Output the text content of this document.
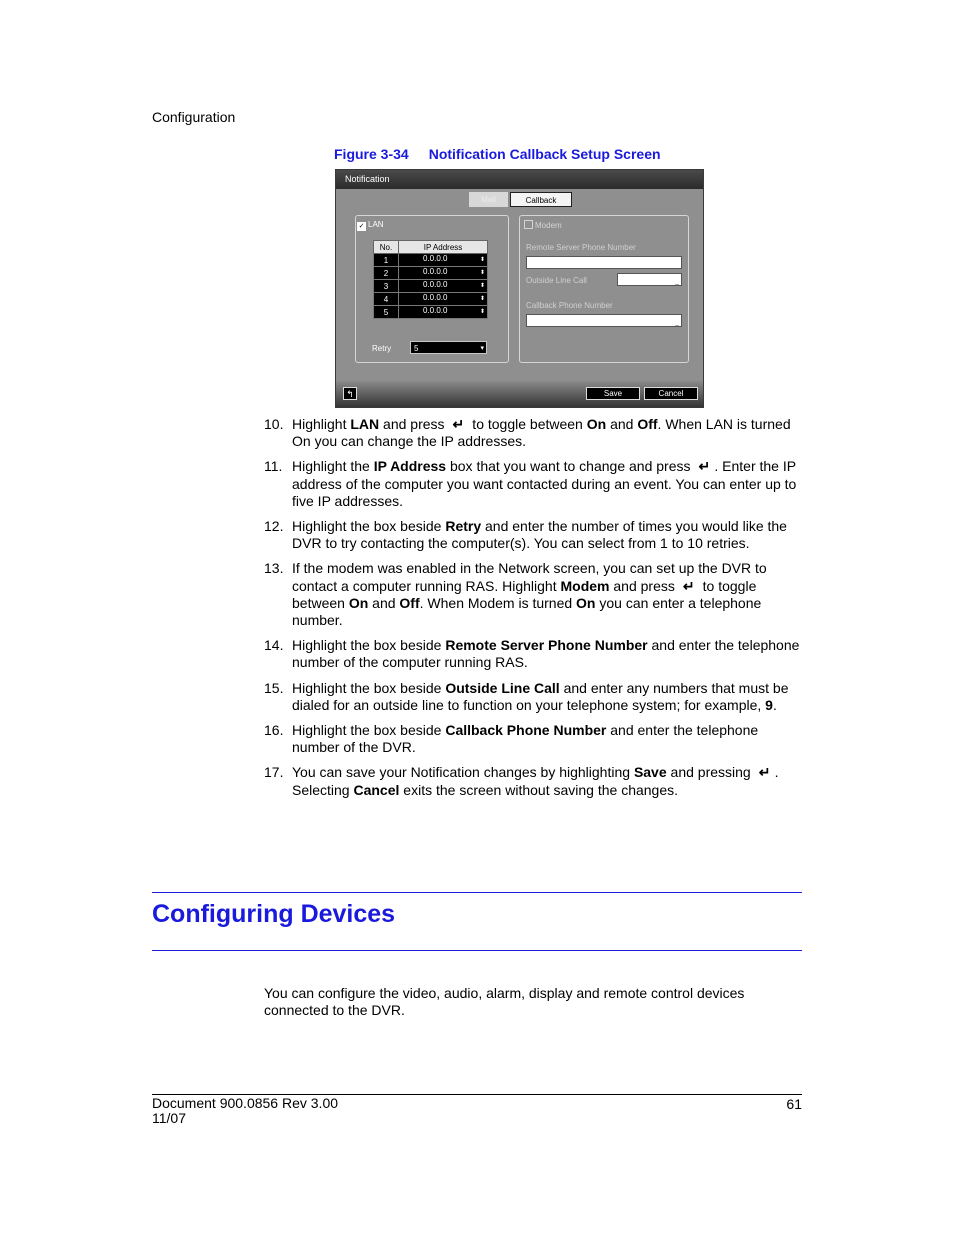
Configuration
Figure 3-34 Notification Callback Setup Screen
Notification
Mail	Callback
✓ LAN
No.	IP Address
1	0.0.0.0 ⬍

2	0.0.0.0 ⬍

3	0.0.0.0 ⬍

4	0.0.0.0 ⬍

5	0.0.0.0 ⬍
Retry	5	▾
Modem
Remote Server Phone Number
Outside Line Call	_
Callback Phone Number
_
↰	Save	Cancel
10. Highlight LAN and press ↵ to toggle between On and Off. When LAN is turned On you can change the IP addresses.
11. Highlight the IP Address box that you want to change and press ↵ . Enter the IP address of the computer you want contacted during an event. You can enter up to five IP addresses.
12. Highlight the box beside Retry and enter the number of times you would like the DVR to try contacting the computer(s). You can select from 1 to 10 retries.
13. If the modem was enabled in the Network screen, you can set up the DVR to contact a computer running RAS. Highlight Modem and press ↵ to toggle between On and Off. When Modem is turned On you can enter a telephone number.
14. Highlight the box beside Remote Server Phone Number and enter the telephone number of the computer running RAS.
15. Highlight the box beside Outside Line Call and enter any numbers that must be dialed for an outside line to function on your telephone system; for example, 9.
16. Highlight the box beside Callback Phone Number and enter the telephone number of the DVR.
17. You can save your Notification changes by highlighting Save and pressing ↵ . Selecting Cancel exits the screen without saving the changes.
Configuring Devices
You can configure the video, audio, alarm, display and remote control devices connected to the DVR.
Document 900.0856 Rev 3.00
11/07
61
